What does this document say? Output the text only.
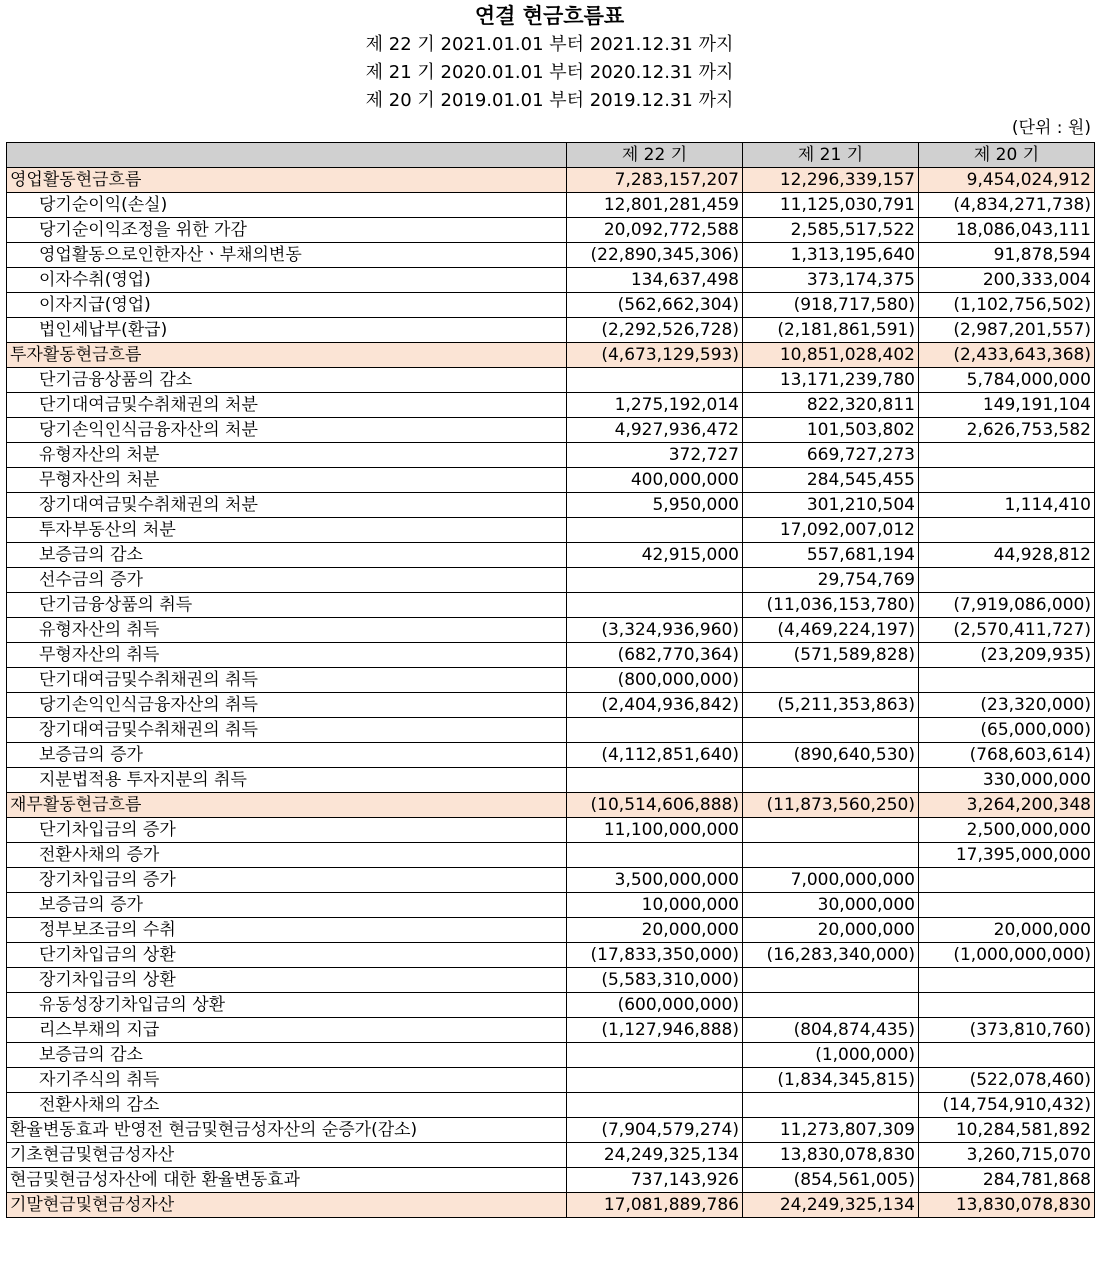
연결 현금흐름표
제 22 기 2021.01.01 부터 2021.12.31 까지
제 21 기 2020.01.01 부터 2020.12.31 까지
제 20 기 2019.01.01 부터 2019.12.31 까지
(단위 : 원)
	제 22 기	제 21 기	제 20 기
영업활동현금흐름	7,283,157,207	12,296,339,157	9,454,024,912
당기순이익(손실)	12,801,281,459	11,125,030,791	(4,834,271,738)
당기순이익조정을 위한 가감	20,092,772,588	2,585,517,522	18,086,043,111
영업활동으로인한자산ㆍ부채의변동	(22,890,345,306)	1,313,195,640	91,878,594
이자수취(영업)	134,637,498	373,174,375	200,333,004
이자지급(영업)	(562,662,304)	(918,717,580)	(1,102,756,502)
법인세납부(환급)	(2,292,526,728)	(2,181,861,591)	(2,987,201,557)
투자활동현금흐름	(4,673,129,593)	10,851,028,402	(2,433,643,368)
단기금융상품의 감소		13,171,239,780	5,784,000,000
단기대여금및수취채권의 처분	1,275,192,014	822,320,811	149,191,104
당기손익인식금융자산의 처분	4,927,936,472	101,503,802	2,626,753,582
유형자산의 처분	372,727	669,727,273	
무형자산의 처분	400,000,000	284,545,455	
장기대여금및수취채권의 처분	5,950,000	301,210,504	1,114,410
투자부동산의 처분		17,092,007,012	
보증금의 감소	42,915,000	557,681,194	44,928,812
선수금의 증가		29,754,769	
단기금융상품의 취득		(11,036,153,780)	(7,919,086,000)
유형자산의 취득	(3,324,936,960)	(4,469,224,197)	(2,570,411,727)
무형자산의 취득	(682,770,364)	(571,589,828)	(23,209,935)
단기대여금및수취채권의 취득	(800,000,000)		
당기손익인식금융자산의 취득	(2,404,936,842)	(5,211,353,863)	(23,320,000)
장기대여금및수취채권의 취득			(65,000,000)
보증금의 증가	(4,112,851,640)	(890,640,530)	(768,603,614)
지분법적용 투자지분의 취득			330,000,000
재무활동현금흐름	(10,514,606,888)	(11,873,560,250)	3,264,200,348
단기차입금의 증가	11,100,000,000		2,500,000,000
전환사채의 증가			17,395,000,000
장기차입금의 증가	3,500,000,000	7,000,000,000	
보증금의 증가	10,000,000	30,000,000	
정부보조금의 수취	20,000,000	20,000,000	20,000,000
단기차입금의 상환	(17,833,350,000)	(16,283,340,000)	(1,000,000,000)
장기차입금의 상환	(5,583,310,000)		
유동성장기차입금의 상환	(600,000,000)		
리스부채의 지급	(1,127,946,888)	(804,874,435)	(373,810,760)
보증금의 감소		(1,000,000)	
자기주식의 취득		(1,834,345,815)	(522,078,460)
전환사채의 감소			(14,754,910,432)
환율변동효과 반영전 현금및현금성자산의 순증가(감소)	(7,904,579,274)	11,273,807,309	10,284,581,892
기초현금및현금성자산	24,249,325,134	13,830,078,830	3,260,715,070
현금및현금성자산에 대한 환율변동효과	737,143,926	(854,561,005)	284,781,868
기말현금및현금성자산	17,081,889,786	24,249,325,134	13,830,078,830
